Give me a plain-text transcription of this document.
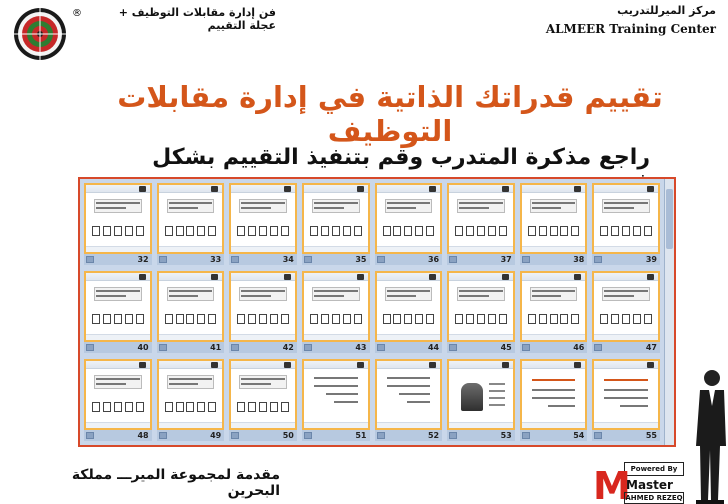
®	فن إدارة مقابلات التوظيف + عجلة التقييم
مركز الميرللتدريب
ALMEER Training Center
تقييم قدراتك الذاتية في إدارة مقابلات التوظيف
راجع مذكرة المتدرب وقم بتنفيذ التقييم بشكل
32	33	34	35	36	37	38	39
40	41	42	43	44	45	46	47
48	49	50	51	52	53	54	55
مقدمة لمجموعة الميرـــ مملكة البحرين
Powered By
M
Master
AHMED REZEQ
